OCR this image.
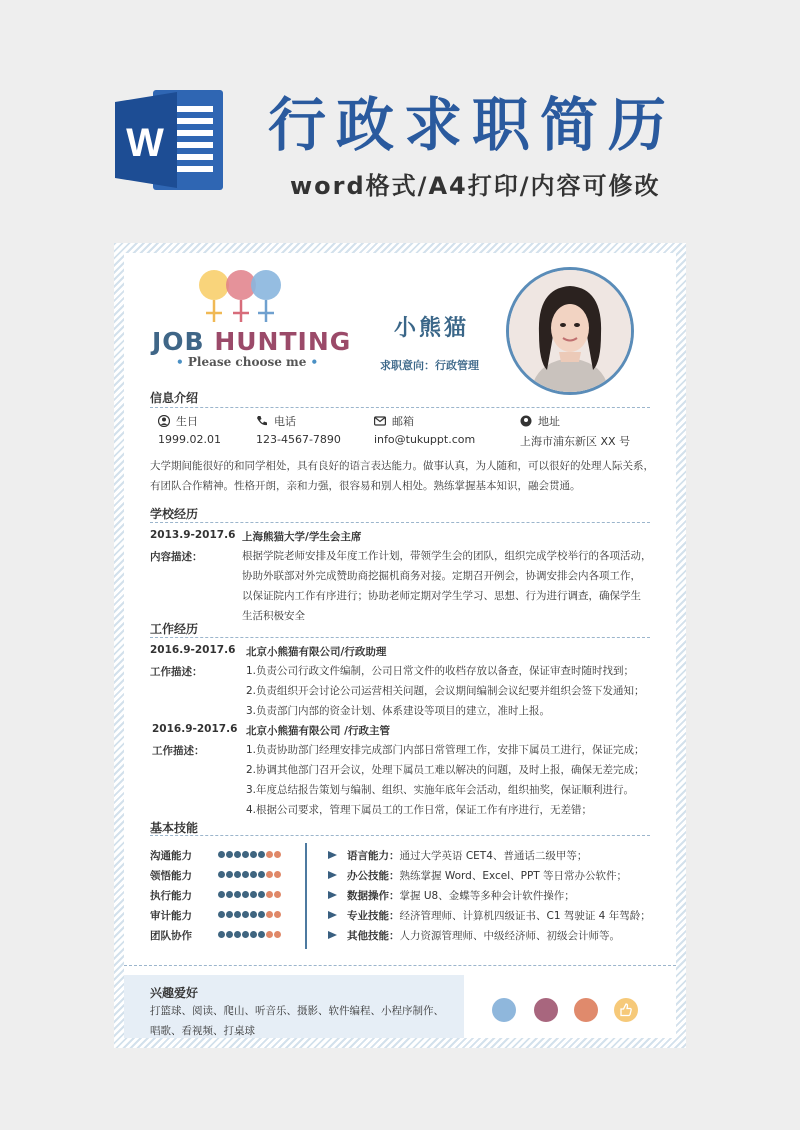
W 行政求职简历
word格式/A4打印/内容可修改
JOB HUNTING
• Please choose me •
小熊猫
求职意向：行政管理
信息介绍
生日	电话	邮箱	地址
1999.02.01	123-4567-7890	info@tukuppt.com	上海市浦东新区 XX 号
大学期间能很好的和同学相处，具有良好的语言表达能力。做事认真，为人随和，可以很好的处理人际关系，有团队合作精神。性格开朗，亲和力强，很容易和别人相处。熟练掌握基本知识，融会贯通。
学校经历
2013.9-2017.6 上海熊猫大学/学生会主席
内容描述：	根据学院老师安排及年度工作计划，带领学生会的团队，组织完成学校举行的各项活动，
协助外联部对外完成赞助商挖掘机商务对接。定期召开例会，协调安排会内各项工作，
以保证院内工作有序进行；协助老师定期对学生学习、思想、行为进行调查，确保学生
生活积极安全
工作经历
2016.9-2017.6 北京小熊猫有限公司/行政助理
工作描述：	1.负责公司行政文件编制，公司日常文件的收档存放以备查，保证审查时随时找到；
2.负责组织开会讨论公司运营相关问题，会议期间编制会议纪要并组织会签下发通知；
3.负责部门内部的资金计划、体系建设等项目的建立，准时上报。
2016.9-2017.6 北京小熊猫有限公司 /行政主管
工作描述：	1.负责协助部门经理安排完成部门内部日常管理工作，安排下属员工进行，保证完成；
2.协调其他部门召开会议，处理下属员工难以解决的问题，及时上报，确保无差完成；
3.年度总结报告策划与编制、组织、实施年底年会活动，组织抽奖，保证顺利进行。
4.根据公司要求，管理下属员工的工作日常，保证工作有序进行，无差错；
基本技能
沟通能力
领悟能力
执行能力
审计能力
团队协作
语言能力：通过大学英语 CET4、普通话二级甲等；
办公技能：熟练掌握 Word、Excel、PPT 等日常办公软件；
数据操作：掌握 U8、金蝶等多种会计软件操作；
专业技能：经济管理师、计算机四级证书、C1 驾驶证 4 年驾龄；
其他技能：人力资源管理师、中级经济师、初级会计师等。
兴趣爱好
打篮球、阅读、爬山、听音乐、摄影、软件编程、小程序制作、
唱歌、看视频、打桌球
